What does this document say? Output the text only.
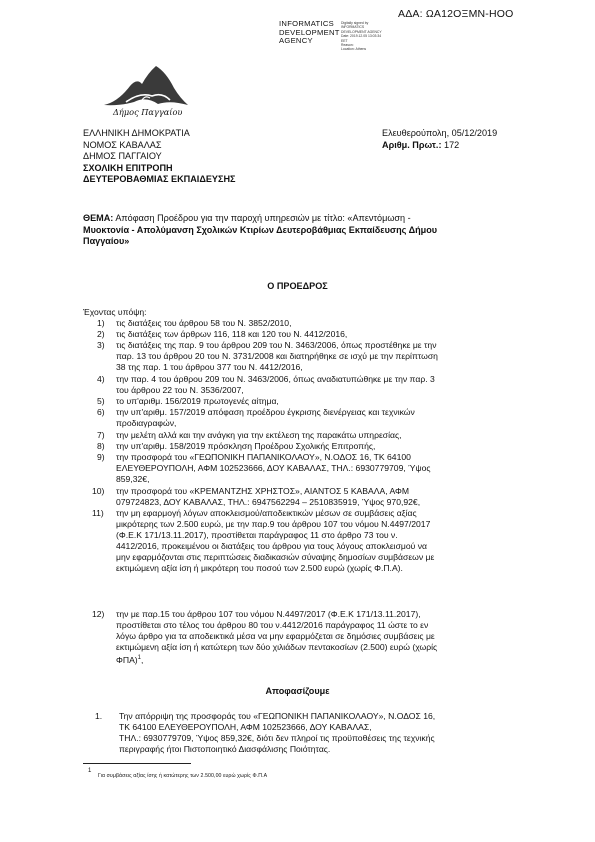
ΑΔΑ: ΩΑ12ΟΞΜΝ-ΗΟΟ
INFORMATICS
DEVELOPMENT
AGENCY
Digitally signed by
INFORMATICS
DEVELOPMENT AGENCY
Date: 2019.12.05 13:03:34
EET
Reason:
Location: Athens
Δήμος Παγγαίου
ΕΛΛΗΝΙΚΗ ΔΗΜΟΚΡΑΤΙΑ
ΝΟΜΟΣ ΚΑΒΑΛΑΣ
ΔΗΜΟΣ ΠΑΓΓΑΙΟΥ
ΣΧΟΛΙΚΗ ΕΠΙΤΡΟΠΗ
ΔΕΥΤΕΡΟΒΑΘΜΙΑΣ ΕΚΠΑΙΔΕΥΣΗΣ
Ελευθερούπολη, 05/12/2019
Αριθμ. Πρωτ.: 172
ΘΕΜΑ: Απόφαση Προέδρου για την παροχή υπηρεσιών με τίτλο: «Απεντόμωση -
Μυοκτονία - Απολύμανση Σχολικών Κτιρίων Δευτεροβάθμιας Εκπαίδευσης Δήμου
Παγγαίου»
Ο ΠΡΟΕΔΡΟΣ
Έχοντας υπόψη:
1) τις διατάξεις του άρθρου 58 του Ν. 3852/2010,
2) τις διατάξεις των άρθρων 116, 118 και 120 του Ν. 4412/2016,
3) τις διατάξεις της παρ. 9 του άρθρου 209 του Ν. 3463/2006, όπως προστέθηκε με την
παρ. 13 του άρθρου 20 του Ν. 3731/2008 και διατηρήθηκε σε ισχύ με την περίπτωση
38 της παρ. 1 του άρθρου 377 του Ν. 4412/2016,
4) την παρ. 4 του άρθρου 209 του Ν. 3463/2006, όπως αναδιατυπώθηκε με την παρ. 3
του άρθρου 22 του Ν. 3536/2007,
5) το υπ'αριθμ. 156/2019 πρωτογενές αίτημα,
6) την υπ'αριθμ. 157/2019 απόφαση προέδρου έγκρισης διενέργειας και τεχνικών
προδιαγραφών,
7) την μελέτη αλλά και την ανάγκη για την εκτέλεση της παρακάτω υπηρεσίας,
8) την υπ'αριθμ. 158/2019 πρόσκληση Προέδρου Σχολικής Επιτροπής,
9) την προσφορά του «ΓΕΩΠΟΝΙΚΗ ΠΑΠΑΝΙΚΟΛΑΟΥ», Ν.ΟΔΟΣ 16, ΤΚ 64100
ΕΛΕΥΘΕΡΟΥΠΟΛΗ, ΑΦΜ 102523666, ΔΟΥ ΚΑΒΑΛΑΣ, ΤΗΛ.: 6930779709, Ύψος
859,32€,
10) την προσφορά του «ΚΡΕΜΑΝΤΖΗΣ ΧΡΗΣΤΟΣ», ΑΙΑΝΤΟΣ 5 ΚΑΒΑΛΑ, ΑΦΜ
079724823, ΔΟΥ ΚΑΒΑΛΑΣ, ΤΗΛ.: 6947562294 – 2510835919, Ύψος 970,92€,
11) την μη εφαρμογή λόγων αποκλεισμού/αποδεικτικών μέσων σε συμβάσεις αξίας
μικρότερης των 2.500 ευρώ, με την παρ.9 του άρθρου 107 του νόμου Ν.4497/2017
(Φ.Ε.Κ 171/13.11.2017), προστίθεται παράγραφος 11 στο άρθρο 73 του ν.
4412/2016, προκειμένου οι διατάξεις του άρθρου για τους λόγους αποκλεισμού να
μην εφαρμόζονται στις περιπτώσεις διαδικασιών σύναψης δημοσίων συμβάσεων με
εκτιμώμενη αξία ίση ή μικρότερη του ποσού των 2.500 ευρώ (χωρίς Φ.Π.Α).
12) την με παρ.15 του άρθρου 107 του νόμου Ν.4497/2017 (Φ.Ε.Κ 171/13.11.2017),
προστίθεται στο τέλος του άρθρου 80 του ν.4412/2016 παράγραφος 11 ώστε το εν
λόγω άρθρο για τα αποδεικτικά μέσα να μην εφαρμόζεται σε δημόσιες συμβάσεις με
εκτιμώμενη αξία ίση ή κατώτερη των δύο χιλιάδων πεντακοσίων (2.500) ευρώ (χωρίς
ΦΠΑ)$^1$,
Αποφασίζουμε
1. Την απόρριψη της προσφοράς του «ΓΕΩΠΟΝΙΚΗ ΠΑΠΑΝΙΚΟΛΑΟΥ», Ν.ΟΔΟΣ 16,
ΤΚ 64100 ΕΛΕΥΘΕΡΟΥΠΟΛΗ, ΑΦΜ 102523666, ΔΟΥ ΚΑΒΑΛΑΣ,
ΤΗΛ.: 6930779709, Ύψος 859,32€, διότι δεν πληροί τις προϋποθέσεις της τεχνικής
περιγραφής ήτοι Πιστοποιητικό Διασφάλισης Ποιότητας.
1
Για συμβάσεις αξίας ίσης ή κατώτερης των 2.500,00 ευρώ χωρίς Φ.Π.Α
